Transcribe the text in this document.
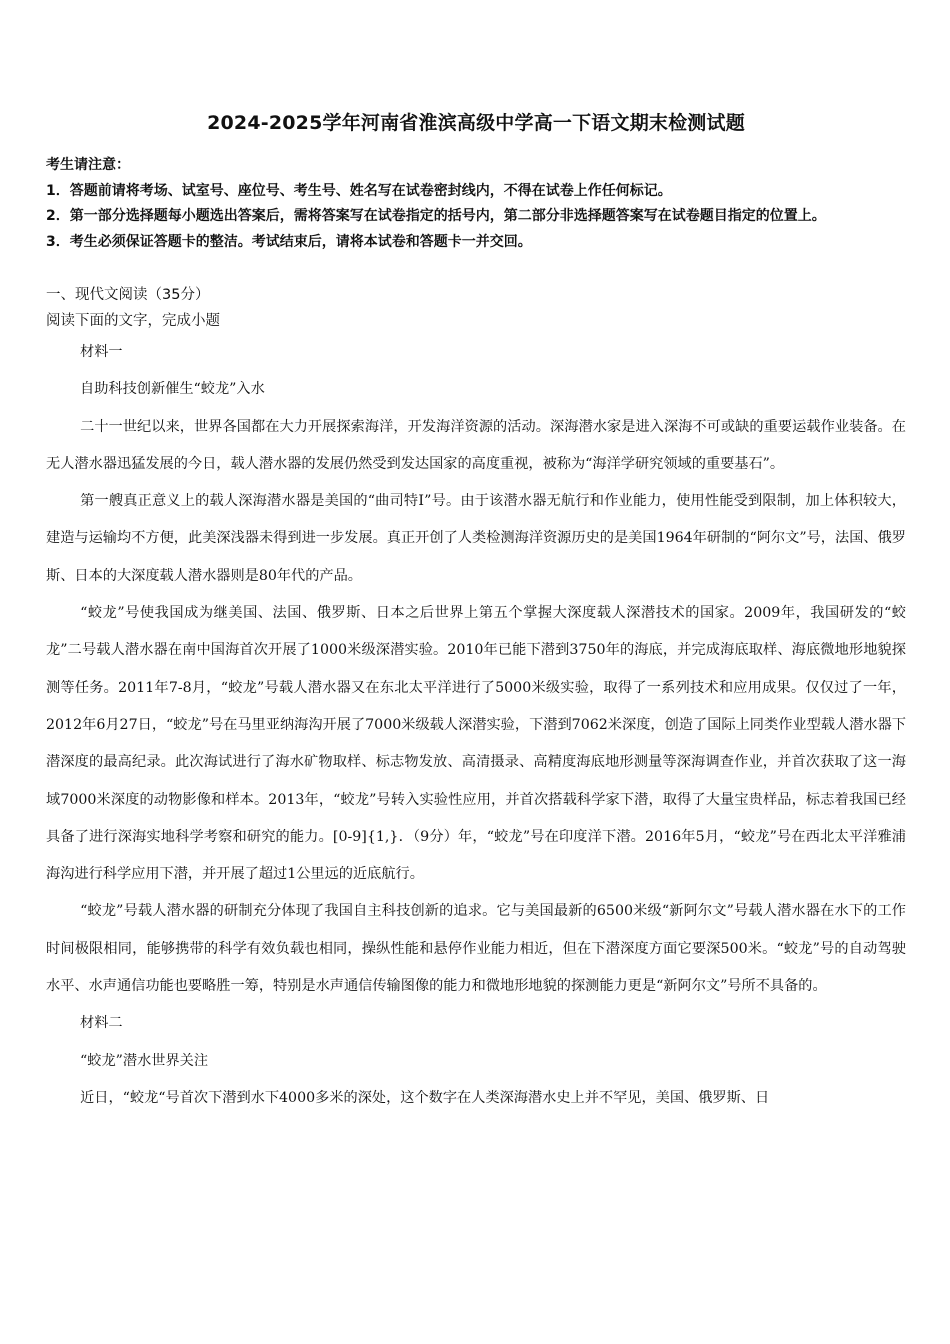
2024-2025学年河南省淮滨高级中学高一下语文期末检测试题

考生请注意：

1．答题前请将考场、试室号、座位号、考生号、姓名写在试卷密封线内，不得在试卷上作任何标记。

2．第一部分选择题每小题选出答案后，需将答案写在试卷指定的括号内，第二部分非选择题答案写在试卷题目指定的位置上。

3．考生必须保证答题卡的整洁。考试结束后，请将本试卷和答题卡一并交回。

一、现代文阅读（35分）

阅读下面的文字，完成小题

材料一

自助科技创新催生“蛟龙”入水

二十一世纪以来，世界各国都在大力开展探索海洋，开发海洋资源的活动。深海潜水家是进入深海不可或缺的重要运载作业装备。在无人潜水器迅猛发展的今日，载人潜水器的发展仍然受到发达国家的高度重视，被称为“海洋学研究领域的重要基石”。

第一艘真正意义上的载人深海潜水器是美国的“曲司特Ⅰ”号。由于该潜水器无航行和作业能力，使用性能受到限制，加上体积较大，建造与运输均不方便，此美深浅器未得到进一步发展。真正开创了人类检测海洋资源历史的是美国1964年研制的“阿尔文”号，法国、俄罗斯、日本的大深度载人潜水器则是80年代的产品。

“蛟龙”号使我国成为继美国、法国、俄罗斯、日本之后世界上第五个掌握大深度载人深潜技术的国家。2009年，我国研发的“蛟龙”二号载人潜水器在南中国海首次开展了1000米级深潜实验。2010年已能下潜到3750年的海底，并完成海底取样、海底微地形地貌探测等任务。2011年7-8月，“蛟龙”号载人潜水器又在东北太平洋进行了5000米级实验，取得了一系列技术和应用成果。仅仅过了一年，2012年6月27日，“蛟龙”号在马里亚纳海沟开展了7000米级载人深潜实验，下潜到7062米深度，创造了国际上同类作业型载人潜水器下潜深度的最高纪录。此次海试进行了海水矿物取样、标志物发放、高清摄录、高精度海底地形测量等深海调查作业，并首次获取了这一海域7000米深度的动物影像和样本。2013年，“蛟龙”号转入实验性应用，并首次搭载科学家下潜，取得了大量宝贵样品，标志着我国已经具备了进行深海实地科学考察和研究的能力。[0-9]{1,}．（9分）年，“蛟龙”号在印度洋下潜。2016年5月，“蛟龙”号在西北太平洋雅浦海沟进行科学应用下潜，并开展了超过1公里远的近底航行。

“蛟龙”号载人潜水器的研制充分体现了我国自主科技创新的追求。它与美国最新的6500米级“新阿尔文”号载人潜水器在水下的工作时间极限相同，能够携带的科学有效负载也相同，操纵性能和悬停作业能力相近，但在下潜深度方面它要深500米。“蛟龙”号的自动驾驶水平、水声通信功能也要略胜一筹，特别是水声通信传输图像的能力和微地形地貌的探测能力更是“新阿尔文”号所不具备的。

材料二

“蛟龙”潜水世界关注

近日，“蛟龙“号首次下潜到水下4000多米的深处，这个数字在人类深海潜水史上并不罕见，美国、俄罗斯、日
